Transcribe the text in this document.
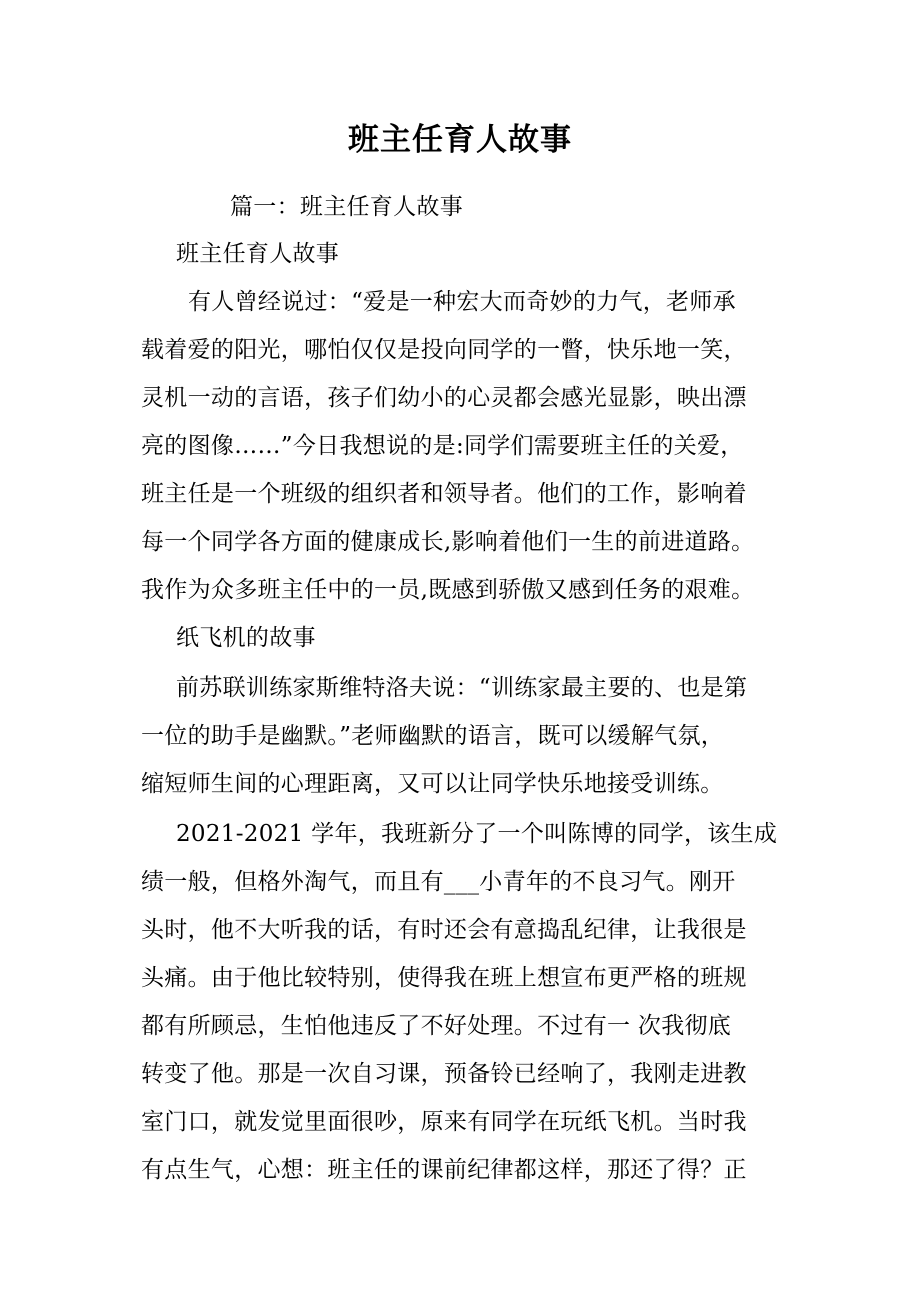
班主任育人故事
篇一：班主任育人故事
班主任育人故事
有人曾经说过：“爱是一种宏大而奇妙的力气，老师承
载着爱的阳光，哪怕仅仅是投向同学的一瞥，快乐地一笑，
灵机一动的言语，孩子们幼小的心灵都会感光显影，映出漂
亮的图像……”今日我想说的是:同学们需要班主任的关爱，
班主任是一个班级的组织者和领导者。他们的工作，影响着
每一个同学各方面的健康成长,影响着他们一生的前进道路。
我作为众多班主任中的一员,既感到骄傲又感到任务的艰难。
纸飞机的故事
前苏联训练家斯维特洛夫说：“训练家最主要的、也是第
一位的助手是幽默。”老师幽默的语言，既可以缓解气氛，
缩短师生间的心理距离，又可以让同学快乐地接受训练。
2021-2021 学年，我班新分了一个叫陈博的同学，该生成
绩一般，但格外淘气，而且有___小青年的不良习气。刚开
头时，他不大听我的话，有时还会有意捣乱纪律，让我很是
头痛。由于他比较特别，使得我在班上想宣布更严格的班规
都有所顾忌，生怕他违反了不好处理。不过有一 次我彻底
转变了他。那是一次自习课，预备铃已经响了，我刚走进教
室门口，就发觉里面很吵，原来有同学在玩纸飞机。当时我
有点生气，心想：班主任的课前纪律都这样，那还了得？正
